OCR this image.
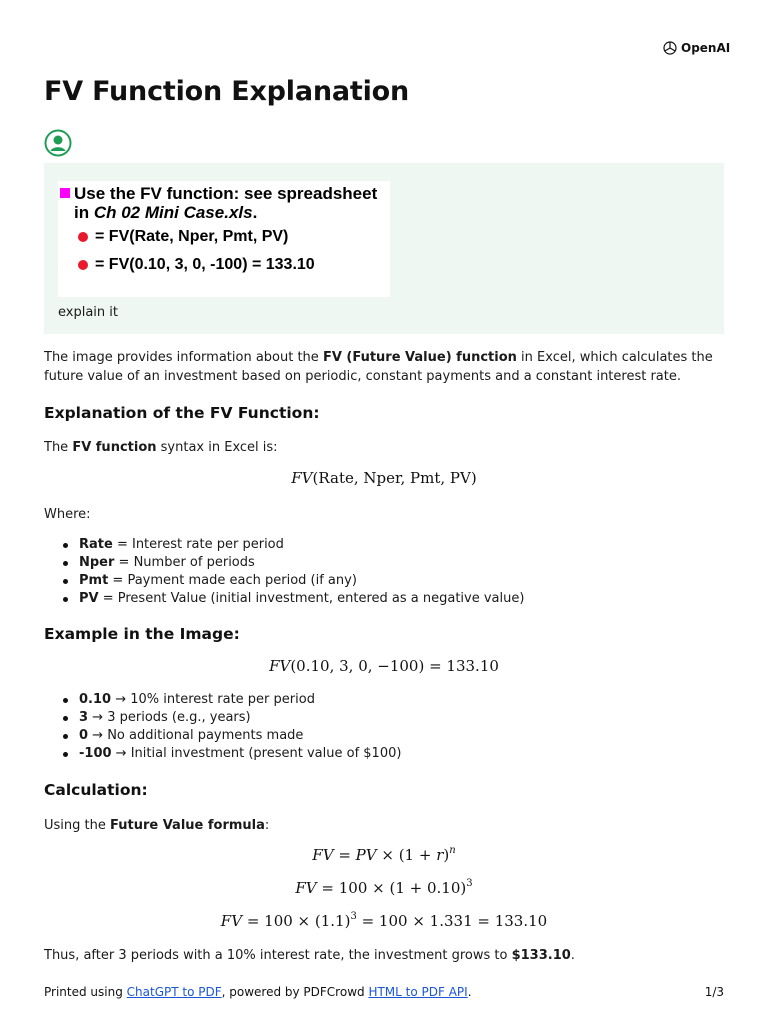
OpenAI
FV Function Explanation
Use the FV function: see spreadsheet
in Ch 02 Mini Case.xls.
= FV(Rate, Nper, Pmt, PV)
= FV(0.10, 3, 0, -100) = 133.10
explain it

The image provides information about the FV (Future Value) function in Excel, which calculates the future value of an investment based on periodic, constant payments and a constant interest rate.

Explanation of the FV Function:

The FV function syntax in Excel is:

FV(Rate, Nper, Pmt, PV)

Where:

Rate = Interest rate per period
Nper = Number of periods
Pmt = Payment made each period (if any)
PV = Present Value (initial investment, entered as a negative value)
Example in the Image:
FV(0.10, 3, 0, −100) = 133.10
0.10 → 10% interest rate per period
3 → 3 periods (e.g., years)
0 → No additional payments made
-100 → Initial investment (present value of $100)
Calculation:

Using the Future Value formula:

FV = PV × $(1 + r)^n$
FV = $100 \times (1 + 0.10)^3$
FV = $100 \times (1.1)^3 = 100 \times 1.331 = 133.10$

Thus, after 3 periods with a 10% interest rate, the investment grows to $133.10.

Printed using ChatGPT to PDF, powered by PDFCrowd HTML to PDF API.	1/3
